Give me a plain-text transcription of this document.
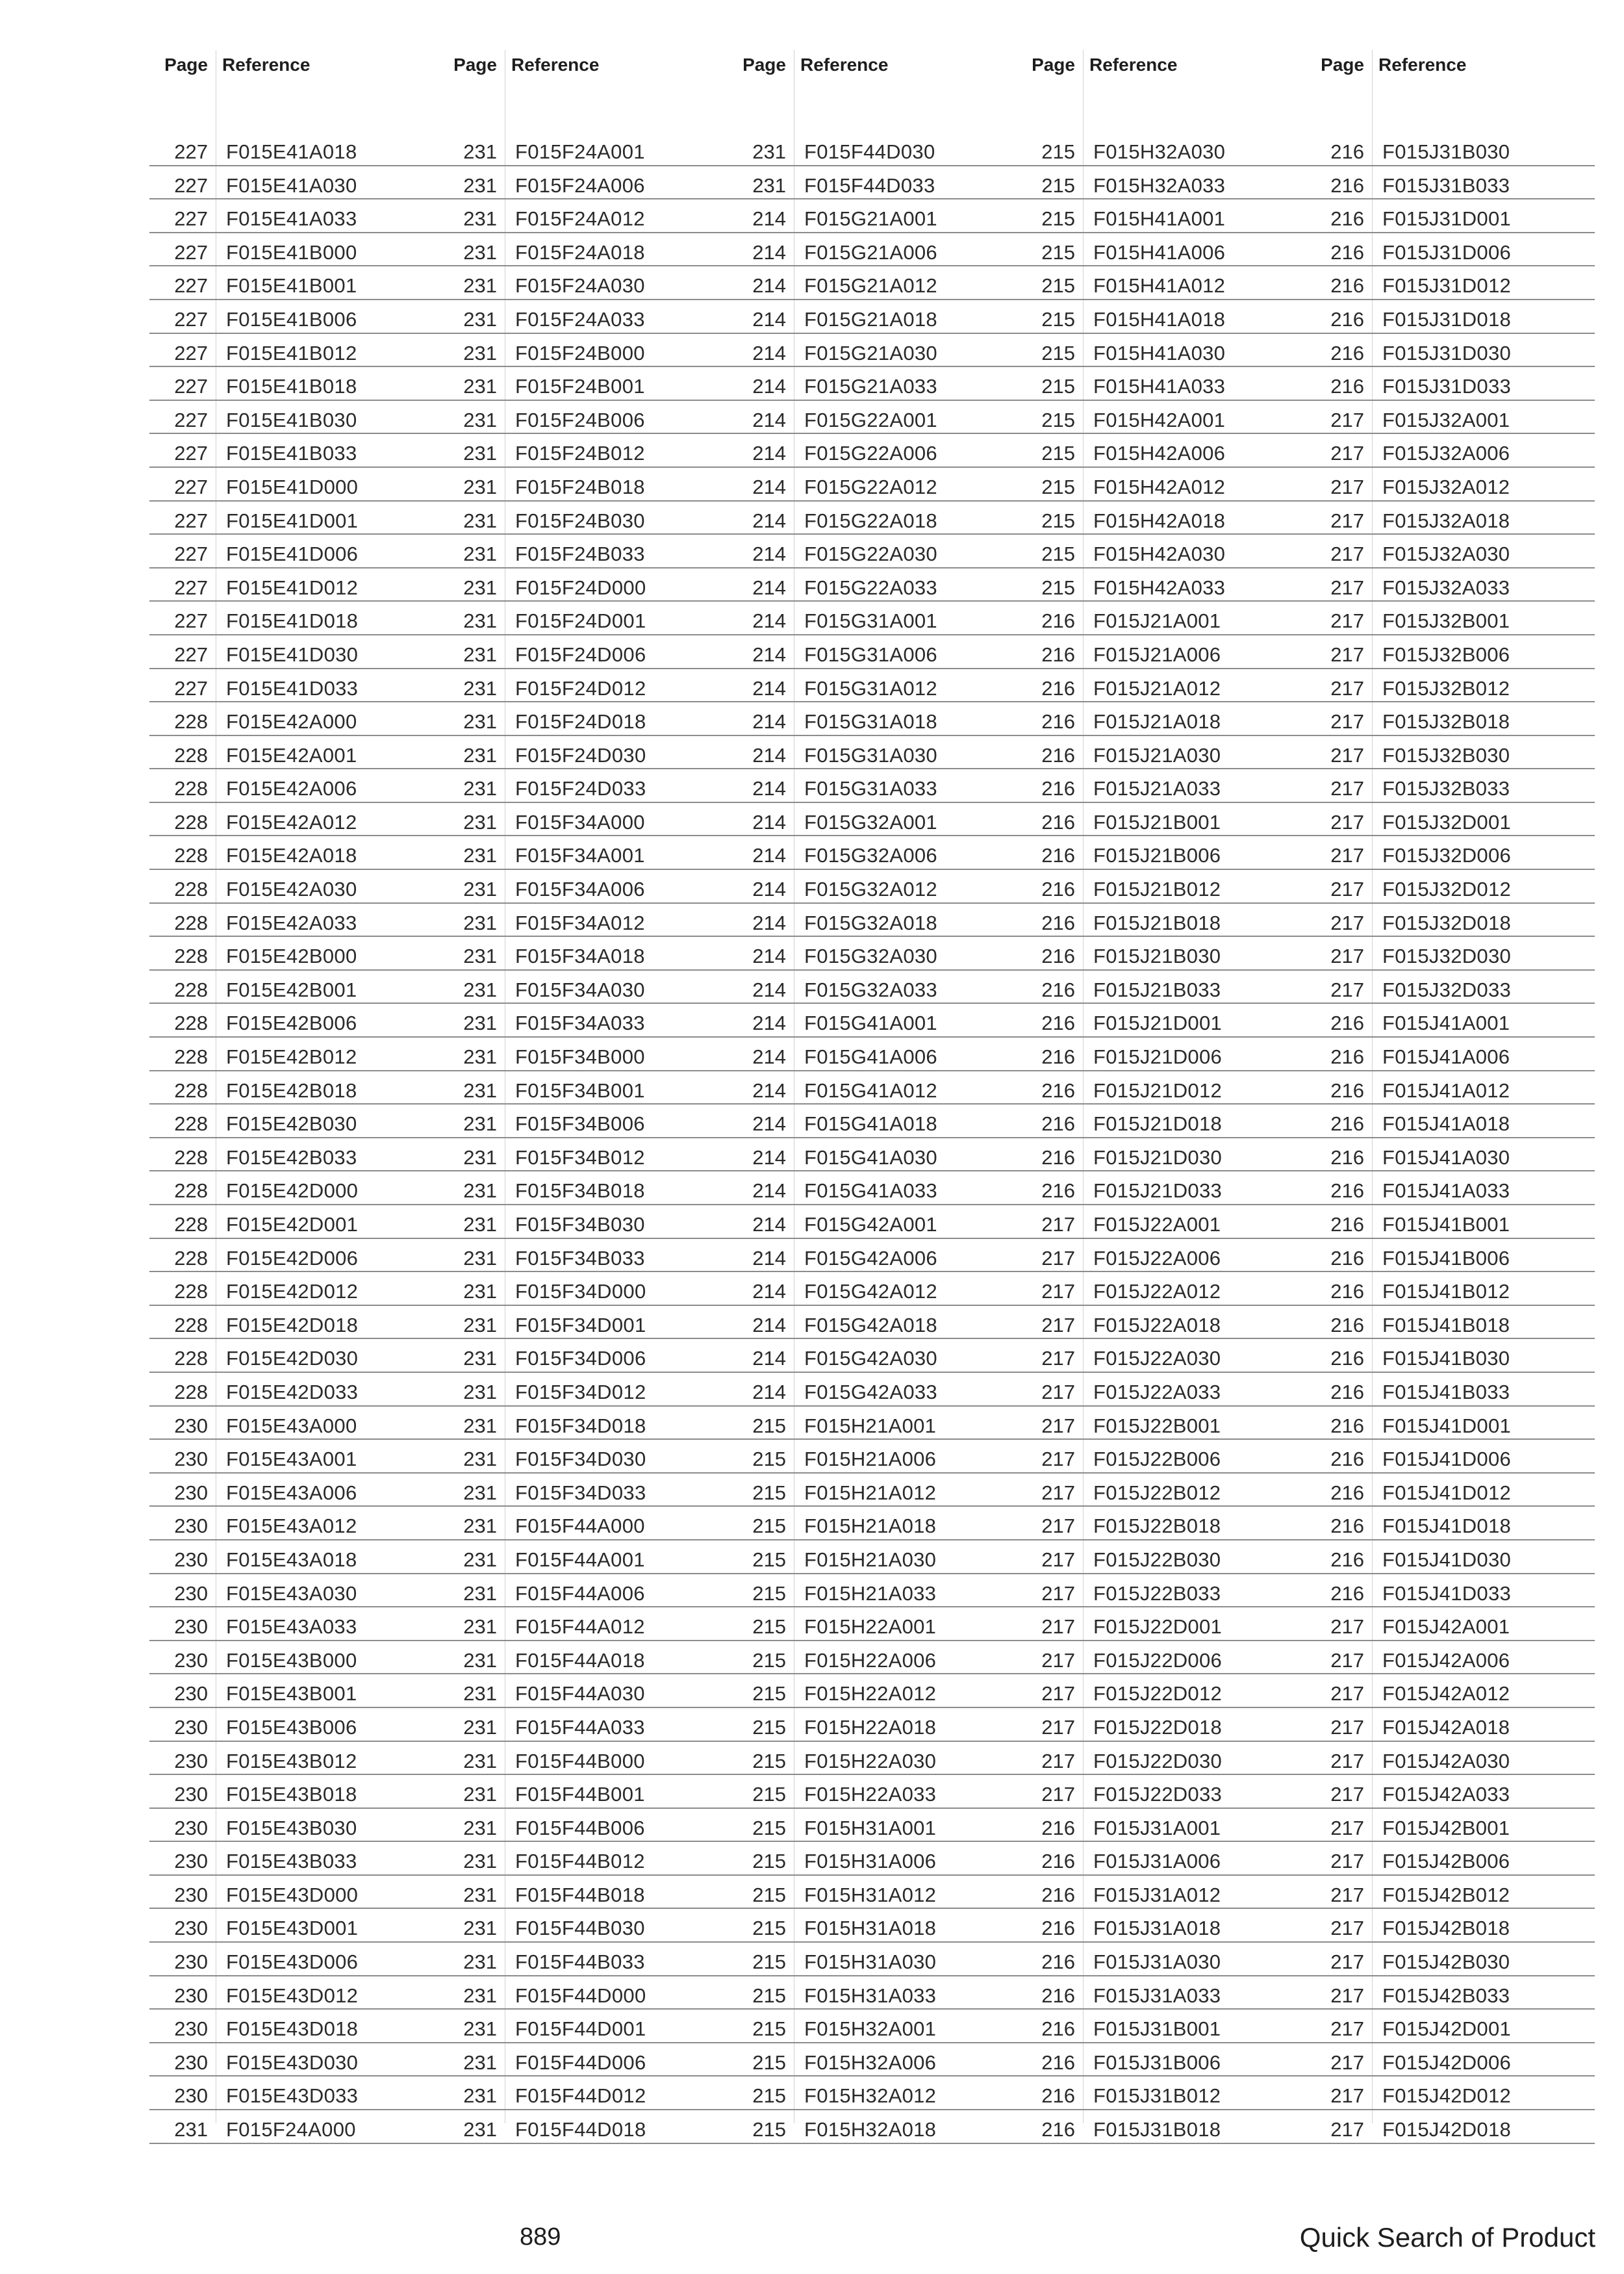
Page Reference
227 F015E41A018
227 F015E41A030
227 F015E41A033
227 F015E41B000
227 F015E41B001
227 F015E41B006
227 F015E41B012
227 F015E41B018
227 F015E41B030
227 F015E41B033
227 F015E41D000
227 F015E41D001
227 F015E41D006
227 F015E41D012
227 F015E41D018
227 F015E41D030
227 F015E41D033
228 F015E42A000
228 F015E42A001
228 F015E42A006
228 F015E42A012
228 F015E42A018
228 F015E42A030
228 F015E42A033
228 F015E42B000
228 F015E42B001
228 F015E42B006
228 F015E42B012
228 F015E42B018
228 F015E42B030
228 F015E42B033
228 F015E42D000
228 F015E42D001
228 F015E42D006
228 F015E42D012
228 F015E42D018
228 F015E42D030
228 F015E42D033
230 F015E43A000
230 F015E43A001
230 F015E43A006
230 F015E43A012
230 F015E43A018
230 F015E43A030
230 F015E43A033
230 F015E43B000
230 F015E43B001
230 F015E43B006
230 F015E43B012
230 F015E43B018
230 F015E43B030
230 F015E43B033
230 F015E43D000
230 F015E43D001
230 F015E43D006
230 F015E43D012
230 F015E43D018
230 F015E43D030
230 F015E43D033
231 F015F24A000
Page Reference
231 F015F24A001
231 F015F24A006
231 F015F24A012
231 F015F24A018
231 F015F24A030
231 F015F24A033
231 F015F24B000
231 F015F24B001
231 F015F24B006
231 F015F24B012
231 F015F24B018
231 F015F24B030
231 F015F24B033
231 F015F24D000
231 F015F24D001
231 F015F24D006
231 F015F24D012
231 F015F24D018
231 F015F24D030
231 F015F24D033
231 F015F34A000
231 F015F34A001
231 F015F34A006
231 F015F34A012
231 F015F34A018
231 F015F34A030
231 F015F34A033
231 F015F34B000
231 F015F34B001
231 F015F34B006
231 F015F34B012
231 F015F34B018
231 F015F34B030
231 F015F34B033
231 F015F34D000
231 F015F34D001
231 F015F34D006
231 F015F34D012
231 F015F34D018
231 F015F34D030
231 F015F34D033
231 F015F44A000
231 F015F44A001
231 F015F44A006
231 F015F44A012
231 F015F44A018
231 F015F44A030
231 F015F44A033
231 F015F44B000
231 F015F44B001
231 F015F44B006
231 F015F44B012
231 F015F44B018
231 F015F44B030
231 F015F44B033
231 F015F44D000
231 F015F44D001
231 F015F44D006
231 F015F44D012
231 F015F44D018
Page Reference
231 F015F44D030
231 F015F44D033
214 F015G21A001
214 F015G21A006
214 F015G21A012
214 F015G21A018
214 F015G21A030
214 F015G21A033
214 F015G22A001
214 F015G22A006
214 F015G22A012
214 F015G22A018
214 F015G22A030
214 F015G22A033
214 F015G31A001
214 F015G31A006
214 F015G31A012
214 F015G31A018
214 F015G31A030
214 F015G31A033
214 F015G32A001
214 F015G32A006
214 F015G32A012
214 F015G32A018
214 F015G32A030
214 F015G32A033
214 F015G41A001
214 F015G41A006
214 F015G41A012
214 F015G41A018
214 F015G41A030
214 F015G41A033
214 F015G42A001
214 F015G42A006
214 F015G42A012
214 F015G42A018
214 F015G42A030
214 F015G42A033
215 F015H21A001
215 F015H21A006
215 F015H21A012
215 F015H21A018
215 F015H21A030
215 F015H21A033
215 F015H22A001
215 F015H22A006
215 F015H22A012
215 F015H22A018
215 F015H22A030
215 F015H22A033
215 F015H31A001
215 F015H31A006
215 F015H31A012
215 F015H31A018
215 F015H31A030
215 F015H31A033
215 F015H32A001
215 F015H32A006
215 F015H32A012
215 F015H32A018
Page Reference
215 F015H32A030
215 F015H32A033
215 F015H41A001
215 F015H41A006
215 F015H41A012
215 F015H41A018
215 F015H41A030
215 F015H41A033
215 F015H42A001
215 F015H42A006
215 F015H42A012
215 F015H42A018
215 F015H42A030
215 F015H42A033
216 F015J21A001
216 F015J21A006
216 F015J21A012
216 F015J21A018
216 F015J21A030
216 F015J21A033
216 F015J21B001
216 F015J21B006
216 F015J21B012
216 F015J21B018
216 F015J21B030
216 F015J21B033
216 F015J21D001
216 F015J21D006
216 F015J21D012
216 F015J21D018
216 F015J21D030
216 F015J21D033
217 F015J22A001
217 F015J22A006
217 F015J22A012
217 F015J22A018
217 F015J22A030
217 F015J22A033
217 F015J22B001
217 F015J22B006
217 F015J22B012
217 F015J22B018
217 F015J22B030
217 F015J22B033
217 F015J22D001
217 F015J22D006
217 F015J22D012
217 F015J22D018
217 F015J22D030
217 F015J22D033
216 F015J31A001
216 F015J31A006
216 F015J31A012
216 F015J31A018
216 F015J31A030
216 F015J31A033
216 F015J31B001
216 F015J31B006
216 F015J31B012
216 F015J31B018
Page Reference
216 F015J31B030
216 F015J31B033
216 F015J31D001
216 F015J31D006
216 F015J31D012
216 F015J31D018
216 F015J31D030
216 F015J31D033
217 F015J32A001
217 F015J32A006
217 F015J32A012
217 F015J32A018
217 F015J32A030
217 F015J32A033
217 F015J32B001
217 F015J32B006
217 F015J32B012
217 F015J32B018
217 F015J32B030
217 F015J32B033
217 F015J32D001
217 F015J32D006
217 F015J32D012
217 F015J32D018
217 F015J32D030
217 F015J32D033
216 F015J41A001
216 F015J41A006
216 F015J41A012
216 F015J41A018
216 F015J41A030
216 F015J41A033
216 F015J41B001
216 F015J41B006
216 F015J41B012
216 F015J41B018
216 F015J41B030
216 F015J41B033
216 F015J41D001
216 F015J41D006
216 F015J41D012
216 F015J41D018
216 F015J41D030
216 F015J41D033
217 F015J42A001
217 F015J42A006
217 F015J42A012
217 F015J42A018
217 F015J42A030
217 F015J42A033
217 F015J42B001
217 F015J42B006
217 F015J42B012
217 F015J42B018
217 F015J42B030
217 F015J42B033
217 F015J42D001
217 F015J42D006
217 F015J42D012
217 F015J42D018
889	Quick Search of Product
